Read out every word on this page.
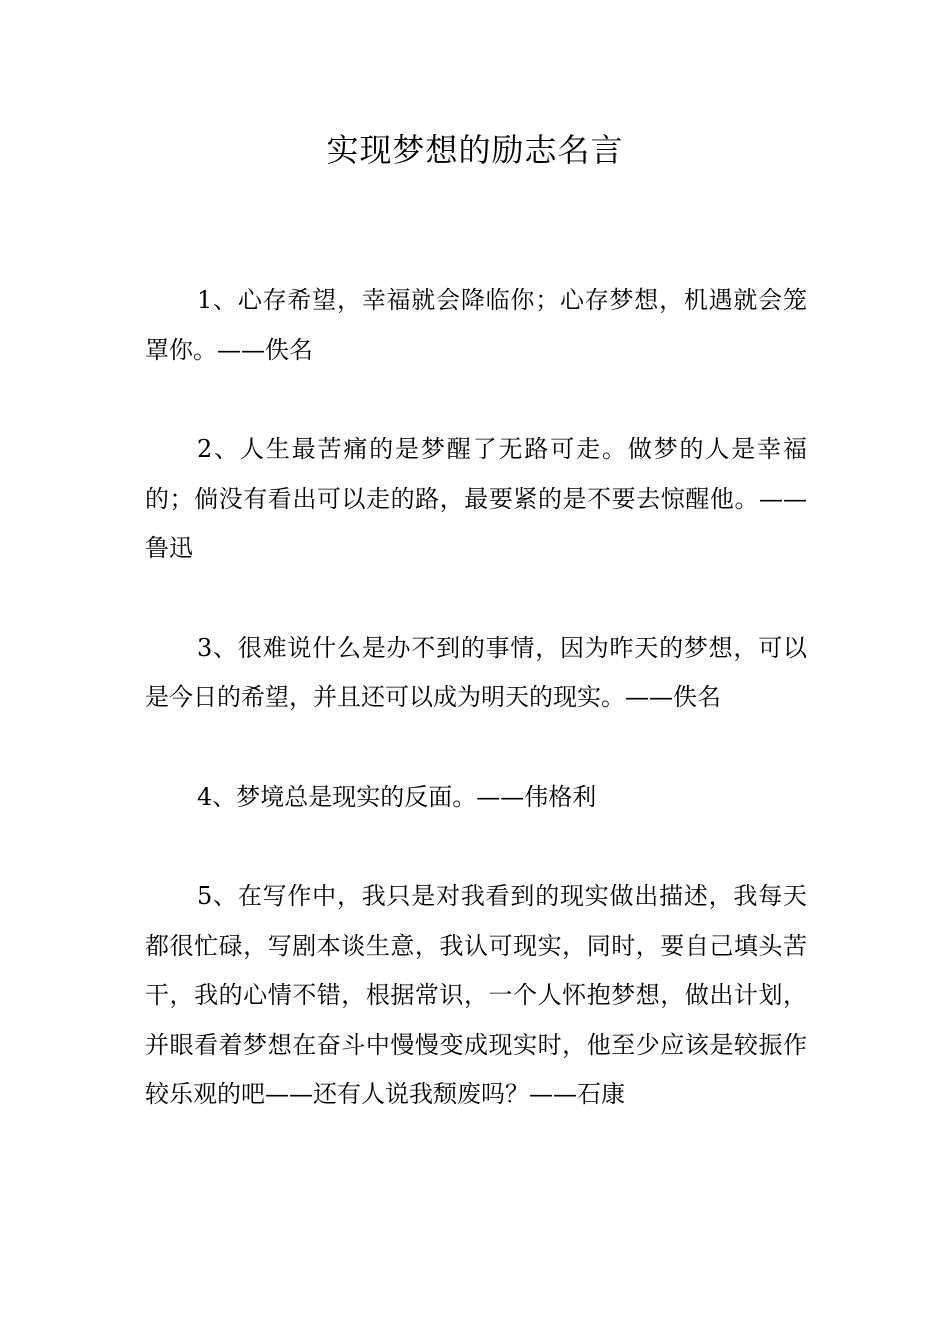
实现梦想的励志名言

1、心存希望，幸福就会降临你；心存梦想，机遇就会笼罩你。——佚名

2、人生最苦痛的是梦醒了无路可走。做梦的人是幸福的；倘没有看出可以走的路，最要紧的是不要去惊醒他。——鲁迅

3、很难说什么是办不到的事情，因为昨天的梦想，可以是今日的希望，并且还可以成为明天的现实。——佚名

4、梦境总是现实的反面。——伟格利

5、在写作中，我只是对我看到的现实做出描述，我每天都很忙碌，写剧本谈生意，我认可现实，同时，要自己填头苦干，我的心情不错，根据常识，一个人怀抱梦想，做出计划，并眼看着梦想在奋斗中慢慢变成现实时，他至少应该是较振作较乐观的吧——还有人说我颓废吗？——石康
